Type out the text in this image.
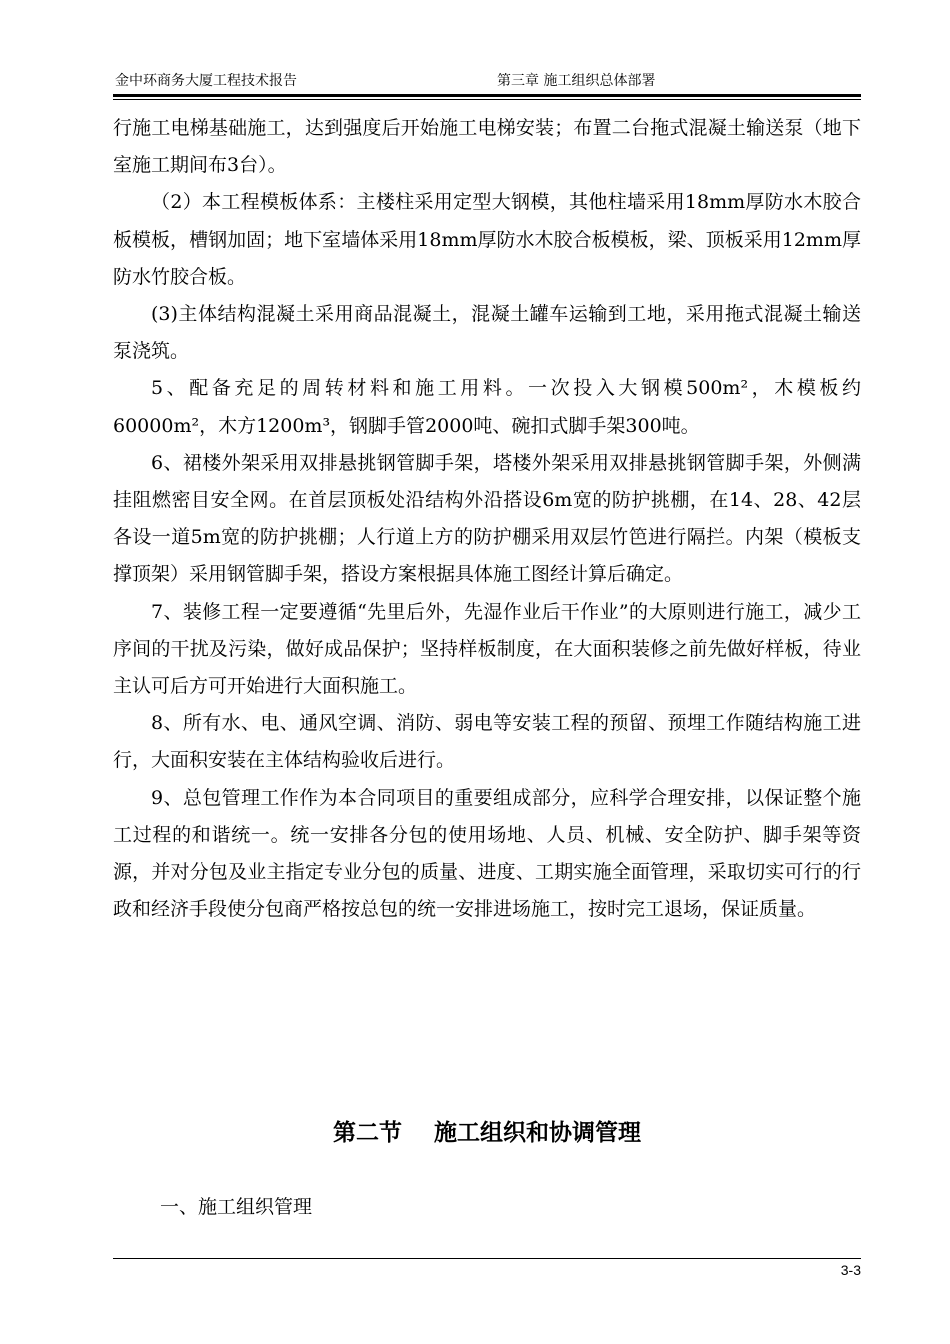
金中环商务大厦工程技术报告	第三章 施工组织总体部署

行施工电梯基础施工，达到强度后开始施工电梯安装；布置二台拖式混凝土输送泵（地下室施工期间布3台）。

（2）本工程模板体系：主楼柱采用定型大钢模，其他柱墙采用18mm厚防水木胶合板模板，槽钢加固；地下室墙体采用18mm厚防水木胶合板模板，梁、顶板采用12mm厚防水竹胶合板。

(3)主体结构混凝土采用商品混凝土，混凝土罐车运输到工地，采用拖式混凝土输送泵浇筑。

5、配备充足的周转材料和施工用料。一次投入大钢模500m²，木模板约60000m²，木方1200m³，钢脚手管2000吨、碗扣式脚手架300吨。

6、裙楼外架采用双排悬挑钢管脚手架，塔楼外架采用双排悬挑钢管脚手架，外侧满挂阻燃密目安全网。在首层顶板处沿结构外沿搭设6m宽的防护挑棚，在14、28、42层各设一道5m宽的防护挑棚；人行道上方的防护棚采用双层竹笆进行隔拦。内架（模板支撑顶架）采用钢管脚手架，搭设方案根据具体施工图经计算后确定。

7、装修工程一定要遵循“先里后外，先湿作业后干作业”的大原则进行施工，减少工序间的干扰及污染，做好成品保护；坚持样板制度，在大面积装修之前先做好样板，待业主认可后方可开始进行大面积施工。

8、所有水、电、通风空调、消防、弱电等安装工程的预留、预埋工作随结构施工进行，大面积安装在主体结构验收后进行。

9、总包管理工作作为本合同项目的重要组成部分，应科学合理安排，以保证整个施工过程的和谐统一。统一安排各分包的使用场地、人员、机械、安全防护、脚手架等资源，并对分包及业主指定专业分包的质量、进度、工期实施全面管理，采取切实可行的行政和经济手段使分包商严格按总包的统一安排进场施工，按时完工退场，保证质量。

第二节    施工组织和协调管理
一、施工组织管理
3-3
